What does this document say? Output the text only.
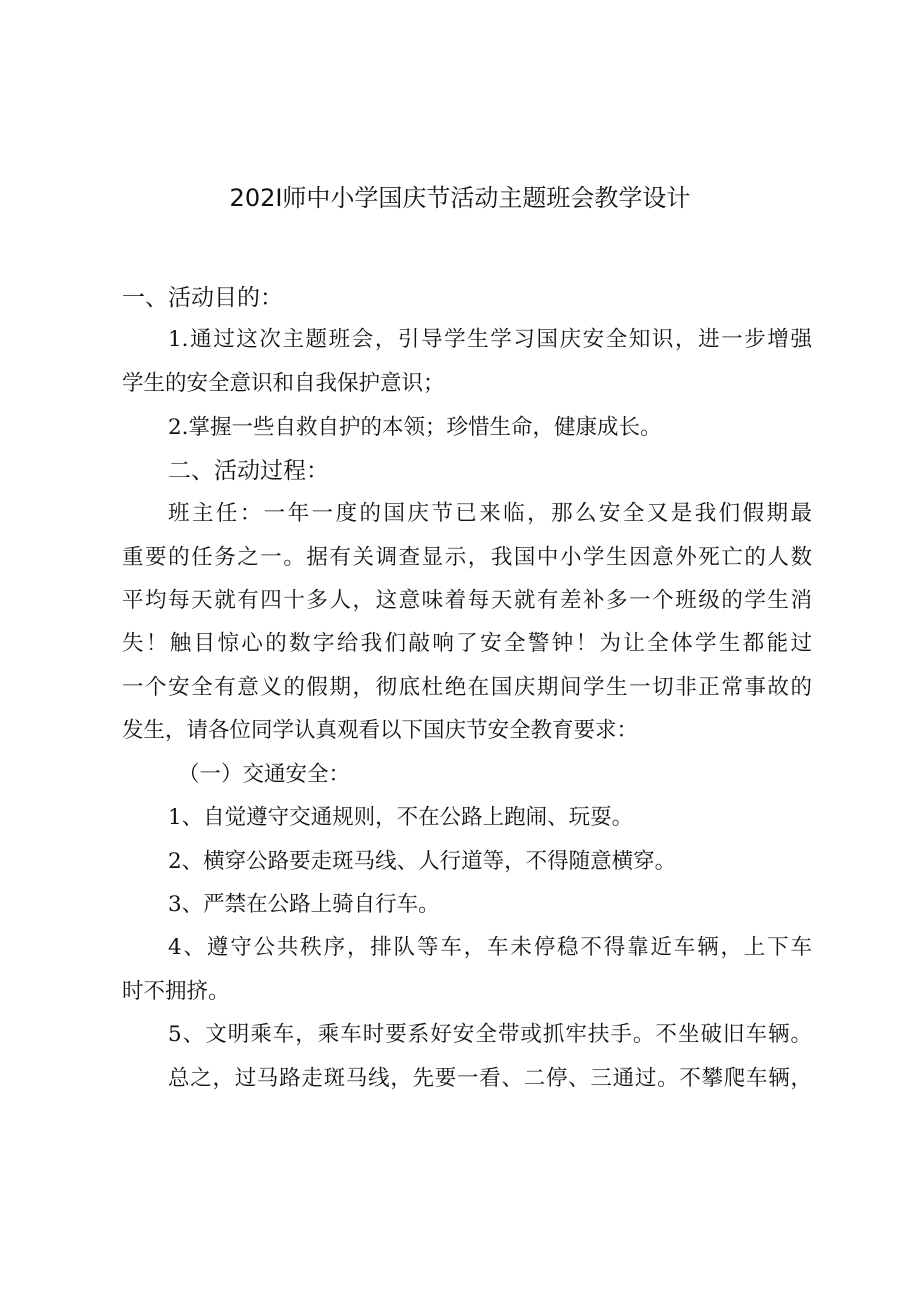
202I师中小学国庆节活动主题班会教学设计
一、活动目的：
1.通过这次主题班会，引导学生学习国庆安全知识，进一步增强
学生的安全意识和自我保护意识；
2.掌握一些自救自护的本领；珍惜生命，健康成长。
二、活动过程：
班主任：一年一度的国庆节已来临，那么安全又是我们假期最
重要的任务之一。据有关调查显示，我国中小学生因意外死亡的人数
平均每天就有四十多人，这意味着每天就有差补多一个班级的学生消
失！触目惊心的数字给我们敲响了安全警钟！为让全体学生都能过
一个安全有意义的假期，彻底杜绝在国庆期间学生一切非正常事故的
发生，请各位同学认真观看以下国庆节安全教育要求：
（一）交通安全：
1、自觉遵守交通规则，不在公路上跑闹、玩耍。
2、横穿公路要走斑马线、人行道等，不得随意横穿。
3、严禁在公路上骑自行车。
4、遵守公共秩序，排队等车，车未停稳不得靠近车辆，上下车
时不拥挤。
5、文明乘车，乘车时要系好安全带或抓牢扶手。不坐破旧车辆。
总之，过马路走斑马线，先要一看、二停、三通过。不攀爬车辆，
